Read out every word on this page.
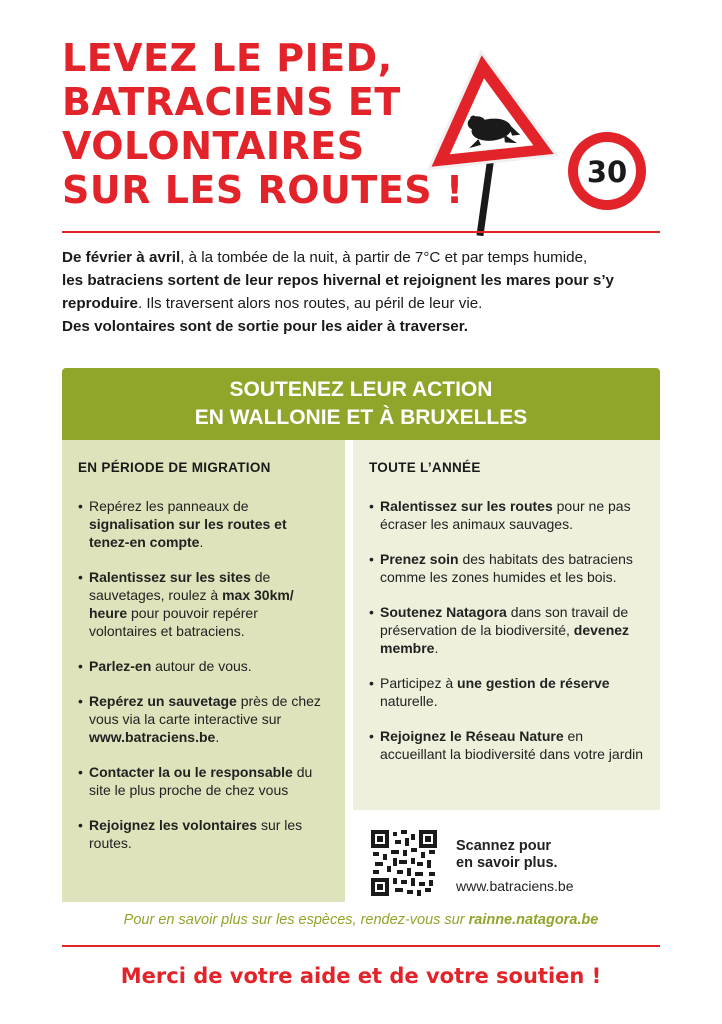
LEVEZ LE PIED,
BATRACIENS ET
VOLONTAIRES
SUR LES ROUTES !	30

De février à avril, à la tombée de la nuit, à partir de 7°C et par temps humide,

les batraciens sortent de leur repos hivernal et rejoignent les mares pour s’y reproduire. Ils traversent alors nos routes, au péril de leur vie.

Des volontaires sont de sortie pour les aider à traverser.

SOUTENEZ LEUR ACTION
EN WALLONIE ET À BRUXELLES
EN PÉRIODE DE MIGRATION
• Repérez les panneaux de signalisation sur les routes et tenez-en compte.
• Ralentissez sur les sites de sauvetages, roulez à max 30km/ heure pour pouvoir repérer volontaires et batraciens.
• Parlez-en autour de vous.
• Repérez un sauvetage près de chez vous via la carte interactive sur www.batraciens.be.
• Contacter la ou le responsable du site le plus proche de chez vous
• Rejoignez les volontaires sur les routes.
TOUTE L’ANNÉE
• Ralentissez sur les routes pour ne pas écraser les animaux sauvages.
• Prenez soin des habitats des batraciens comme les zones humides et les bois.
• Soutenez Natagora dans son travail de préservation de la biodiversité, devenez membre.
• Participez à une gestion de réserve naturelle.
• Rejoignez le Réseau Nature en accueillant la biodiversité dans votre jardin
Scannez pour
en savoir plus.
www.batraciens.be
Pour en savoir plus sur les espèces, rendez-vous sur rainne.natagora.be
Merci de votre aide et de votre soutien !
